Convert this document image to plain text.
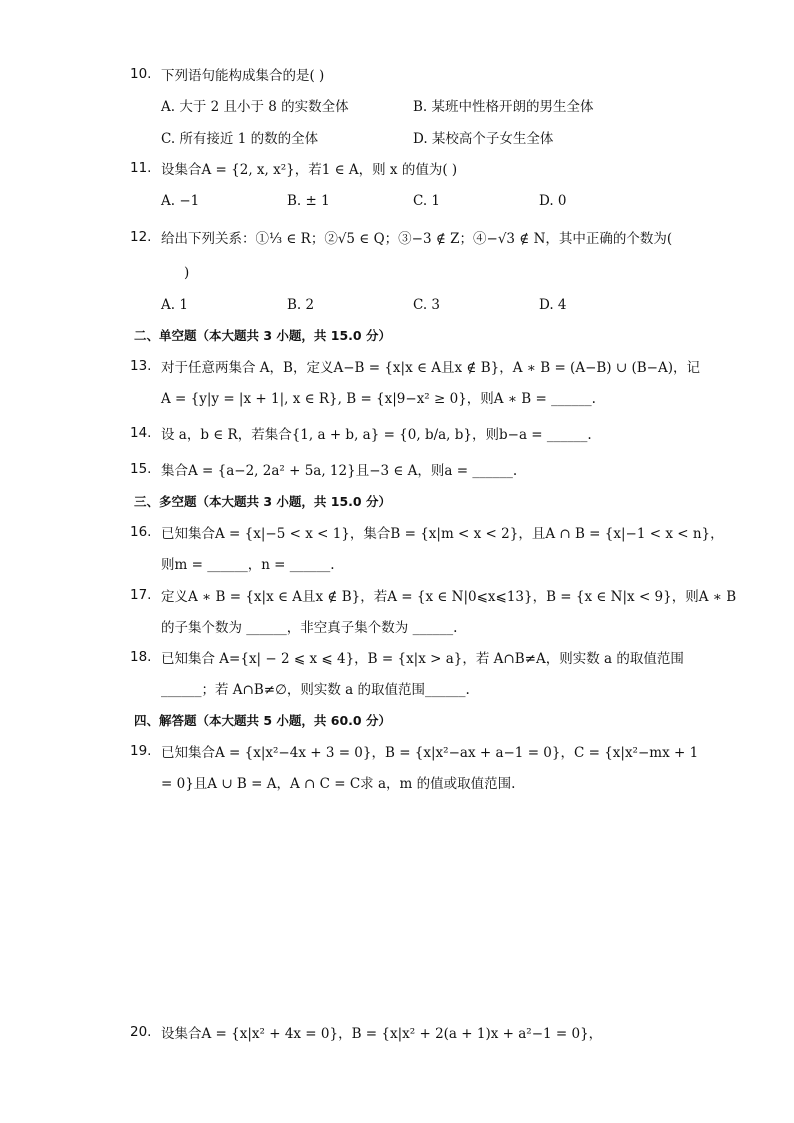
10. 下列语句能构成集合的是( )
A. 大于 2 且小于 8 的实数全体	B. 某班中性格开朗的男生全体
C. 所有接近 1 的数的全体	D. 某校高个子女生全体
11. 设集合A = {2, x, x²}，若1 ∈ A，则 x 的值为( )
A. −1	B. ± 1	C. 1	D. 0
12. 给出下列关系：①⅓ ∈ R；②√5 ∈ Q；③−3 ∉ Z；④−√3 ∉ N，其中正确的个数为(
)
A. 1	B. 2	C. 3	D. 4
二、单空题（本大题共 3 小题，共 15.0 分）
13. 对于任意两集合 A，B，定义A−B = {x|x ∈ A且x ∉ B}，A ∗ B = (A−B) ∪ (B−A)，记
A = {y|y = |x + 1|, x ∈ R}, B = {x|9−x² ≥ 0}，则A ∗ B = ______.
14. 设 a，b ∈ R，若集合{1, a + b, a} = {0, b/a, b}，则b−a = ______.
15. 集合A = {a−2, 2a² + 5a, 12}且−3 ∈ A，则a = ______.
三、多空题（本大题共 3 小题，共 15.0 分）
16. 已知集合A = {x|−5 < x < 1}，集合B = {x|m < x < 2}，且A ∩ B = {x|−1 < x < n}，
则m = ______，n = ______.
17. 定义A ∗ B = {x|x ∈ A且x ∉ B}，若A = {x ∈ N|0⩽x⩽13}，B = {x ∈ N|x < 9}，则A ∗ B
的子集个数为 ______，非空真子集个数为 ______.
18. 已知集合 A={x| − 2 ⩽ x ⩽ 4}，B = {x|x > a}，若 A∩B≠A，则实数 a 的取值范围
______；若 A∩B≠∅，则实数 a 的取值范围______.
四、解答题（本大题共 5 小题，共 60.0 分）
19. 已知集合A = {x|x²−4x + 3 = 0}，B = {x|x²−ax + a−1 = 0}，C = {x|x²−mx + 1
= 0}且A ∪ B = A，A ∩ C = C求 a，m 的值或取值范围.
20. 设集合A = {x|x² + 4x = 0}，B = {x|x² + 2(a + 1)x + a²−1 = 0}，
